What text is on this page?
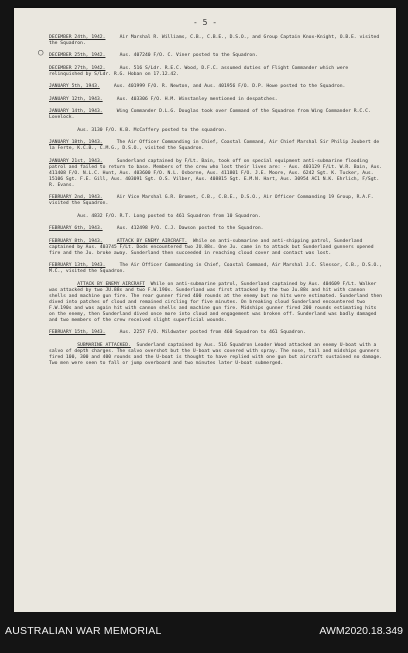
○
- 5 -
DECEMBER 24th, 1942.     Air Marshal R. Williams, C.B., C.B.E., D.S.O., and Group Captain Knox-Knight, O.B.E. visited the Squadron.
DECEMBER 25th, 1942.     Aus. 407240 F/O. C. Viner posted to the Squadron.
DECEMBER 27th, 1942.     Aus. 516 S/Ldr. R.E.C. Wood, D.F.C. assumed duties of Flight Commander which were relinquished by S/Ldr. R.G. Hoban on 17.12.42.
JANUARY 5th, 1943.     Aus. 401999 F/O. R. Newton, and Aus. 401956 F/O. D.P. Howe posted to the Squadron.
JANUARY 12th, 1943.     Aus. 403306 F/O. H.M. Winstanley mentioned in despatches.
JANUARY 14th, 1943.     Wing Commander D.L.G. Douglas took over Command of the Squadron from Wing Commander R.C.C. Lovelock.
Aus. 3130 F/O. K.B. McCaffery posted to the squadron.
JANUARY 18th, 1943.     The Air Officer Commanding in Chief, Coastal Command, Air Chief Marshal Sir Philip Joubert de la Ferte, K.C.B., C.M.G., D.S.O., visited the Squadron.
JANUARY 21st, 1943.     Sunderland captained by F/Lt. Bain, took off on special equipment anti-submarine flooding patrol and failed to return to base. Members of the crew who lost their lives are: - Aus. 403129 F/Lt. W.R. Bain, Aus. 411408 F/O. N.L.C. Hunt, Aus. 403600 F/O. N.L. Osborne, Aus. 411801 F/O. J.E. Moore, Aus. 6242 Sgt. K. Tucker, Aus. 15106 Sgt. F.E. Gill, Aus. 403091 Sgt. O.S. Vilber, Aus. 408815 Sgt. E.M.N. Hart, Aus. 30954 AC1 N.K. Ehrlich, F/Sgt. R. Evans.
FEBRUARY 2nd, 1943.     Air Vice Marshal G.R. Bromet, C.B., C.B.E., D.S.O., Air Officer Commanding 19 Group, R.A.F. visited the Squadron.
Aus. 4832 F/O. R.T. Long posted to 461 Squadron from 10 Squadron.
FEBRUARY 6th, 1943.     Aus. 412498 P/O. C.J. Dawson posted to the Squadron.
FEBRUARY 8th, 1943.	ATTACK BY ENEMY AIRCRAFT.  While on anti-submarine and anti-shipping patrol, Sunderland captained by Aus. 403745 F/Lt. Dods encountered two JU.88s. One Ju. came in to attack but Sunderland gunners opened fire and the Ju. broke away. Sunderland then succeeded in reaching cloud cover and contact was lost.
FEBRUARY 13th, 1943.     The Air Officer Commanding in Chief, Coastal Command, Air Marshal J.C. Slessor, C.B., D.S.O., M.C., visited the Squadron.
ATTACK BY ENEMY AIRCRAFT  While on anti-submarine patrol, Sunderland captained by Aus. 404609 F/Lt. Walker was attacked by two JU.88s and two F.W.190s. Sunderland was first attacked by the two Ju.88s and hit with cannon shells and machine gun fire. The rear gunner fired 400 rounds at the enemy but no hits were estimated. Sunderland then dived into patches of cloud and remained circling for five minutes. On breaking cloud Sunderland encountered two F.W.190s and was again hit with cannon shells and machine gun fire. Midships gunner fired 200 rounds estimating hits on the enemy, then Sunderland dived once more into cloud and engagement was broken off. Sunderland was badly damaged and two members of the crew received slight superficial wounds.
FEBRUARY 15th, 1943.     Aus. 2257 F/O. Mildwater posted from 460 Squadron to 461 Squadron.
SUBMARINE ATTACKED.  Sunderland captained by Aus. 516 Squadron Leader Wood attacked an enemy U-boat with a salvo of depth charges. The salvo overshot but the U-boat was covered with spray. The nose, tail and midships gunners fired 100, 300 and 400 rounds and the U-boat is thought to have replied with one gun but aircraft sustained no damage. Two men were seen to fall or jump overboard and two minutes later U-boat submerged.
AUSTRALIAN WAR MEMORIAL	AWM2020.18.349
